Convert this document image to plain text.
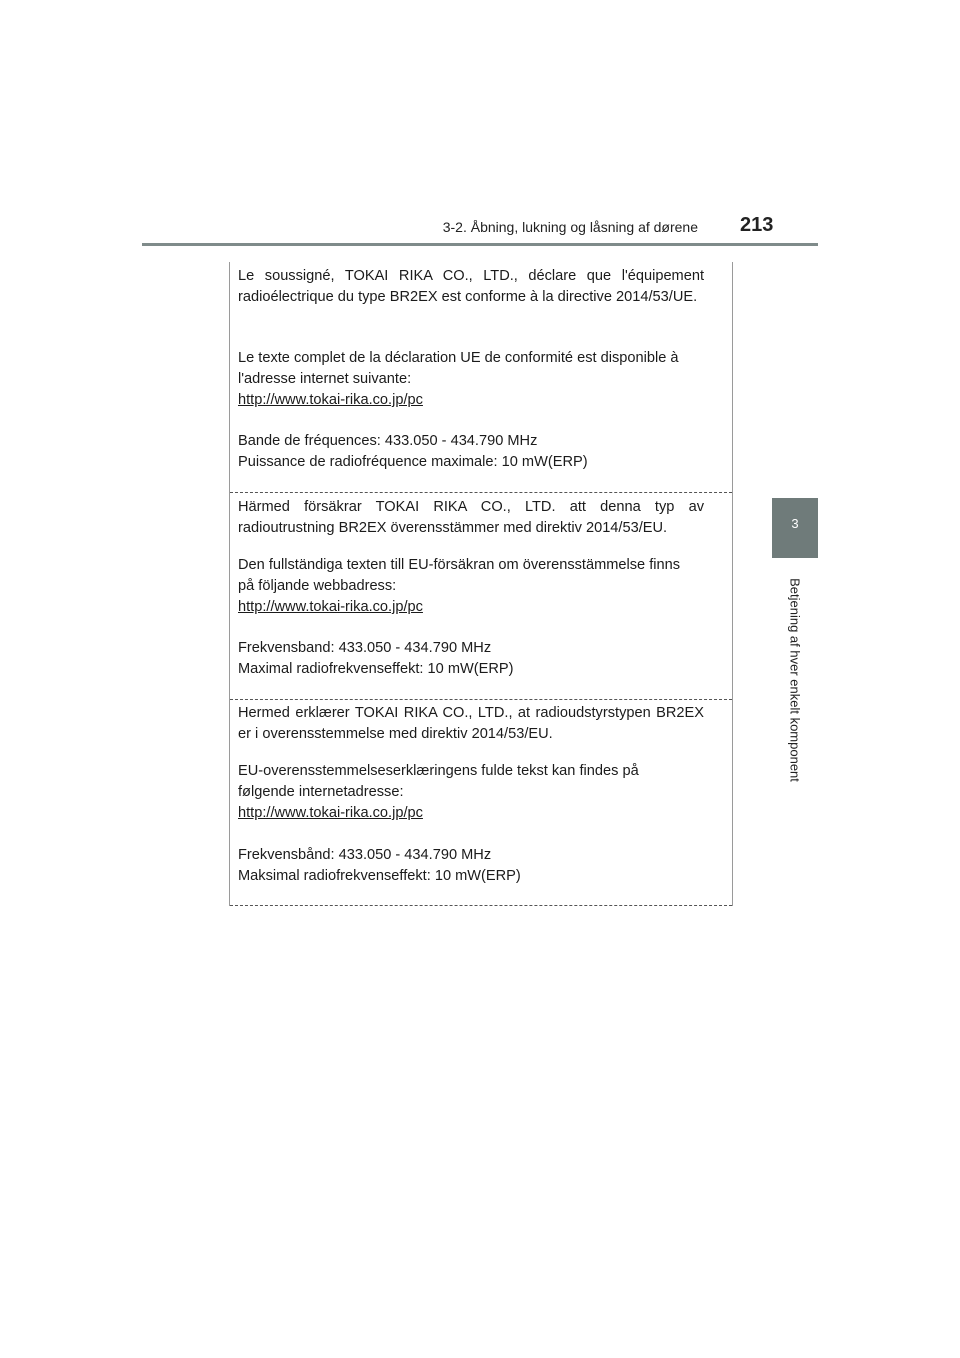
3-2. Åbning, lukning og låsning af dørene 213
3
Betjening af hver enkelt komponent
Le soussigné, TOKAI RIKA CO., LTD., déclare que l'équipement radioélectrique du type BR2EX est conforme à la directive 2014/53/UE.
Le texte complet de la déclaration UE de conformité est disponible à
l'adresse internet suivante:
http://www.tokai-rika.co.jp/pc
Bande de fréquences: 433.050 - 434.790 MHz
Puissance de radiofréquence maximale: 10 mW(ERP)
Härmed försäkrar TOKAI RIKA CO., LTD. att denna typ av radioutrustning BR2EX överensstämmer med direktiv 2014/53/EU.
Den fullständiga texten till EU-försäkran om överensstämmelse finns
på följande webbadress:
http://www.tokai-rika.co.jp/pc
Frekvensband: 433.050 - 434.790 MHz
Maximal radiofrekvenseffekt: 10 mW(ERP)
Hermed erklærer TOKAI RIKA CO., LTD., at radioudstyrstypen BR2EX er i overensstemmelse med direktiv 2014/53/EU.
EU-overensstemmelseserklæringens fulde tekst kan findes på
følgende internetadresse:
http://www.tokai-rika.co.jp/pc
Frekvensbånd: 433.050 - 434.790 MHz
Maksimal radiofrekvenseffekt: 10 mW(ERP)
